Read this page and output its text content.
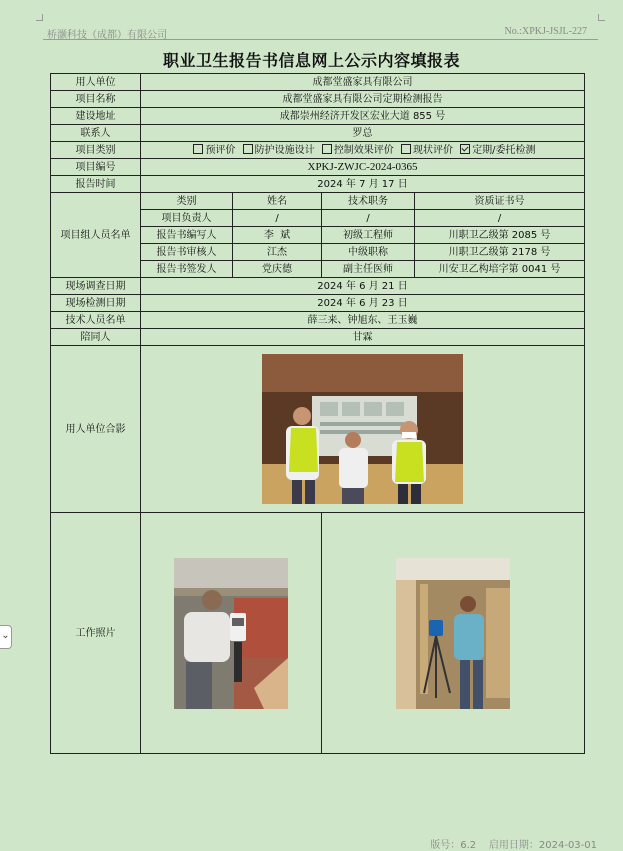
桥灏科技（成都）有限公司	No.:XPKJ-JSJL-227
职业卫生报告书信息网上公示内容填报表
用人单位	成都堂盛家具有限公司			
项目名称	成都堂盛家具有限公司定期检测报告			
建设地址	成都崇州经济开发区宏业大道 855 号			
联系人	罗总			
项目类别	预评价 防护设施设计 控制效果评价 现状评价 定期/委托检测			
项目编号	XPKJ-ZWJC-2024-0365			
报告时间	2024 年 7 月 17 日			
项目组人员名单	类别	姓名	技术职务	资质证书号
	项目负责人	/	/	/
	报告书编写人	李  斌	初级工程师	川职卫乙级第 2085 号
	报告书审核人	江杰	中级职称	川职卫乙级第 2178 号
	报告书签发人	党庆德	副主任医师	川安卫乙构培字第 0041 号
现场调查日期	2024 年 6 月 21 日			
现场检测日期	2024 年 6 月 23 日			
技术人员名单	薛三来、钟旭东、王玉巍			
陪同人	甘霖			
用人单位合影	

工作照片	

⌄
版号：6.2    启用日期：2024-03-01
